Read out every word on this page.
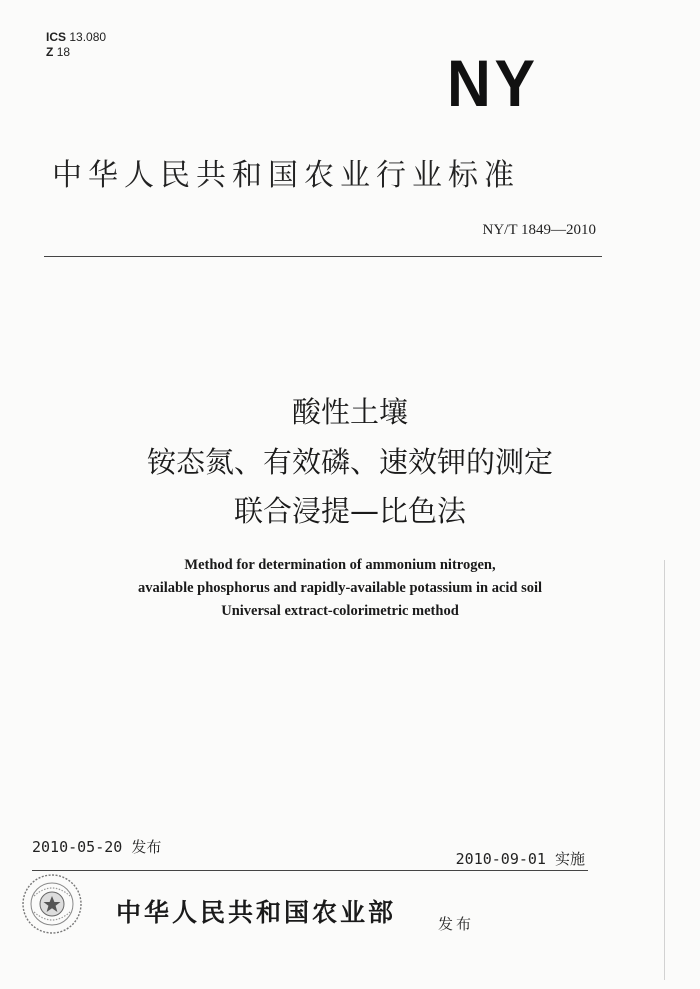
ICS 13.080
Z 18	NY
中华人民共和国农业行业标准
NY/T 1849—2010
酸性土壤
铵态氮、有效磷、速效钾的测定
联合浸提—比色法
Method for determination of ammonium nitrogen,
available phosphorus and rapidly-available potassium in acid soil
Universal extract-colorimetric method
2010-05-20 发布
2010-09-01 实施
中华人民共和国农业部	发布
